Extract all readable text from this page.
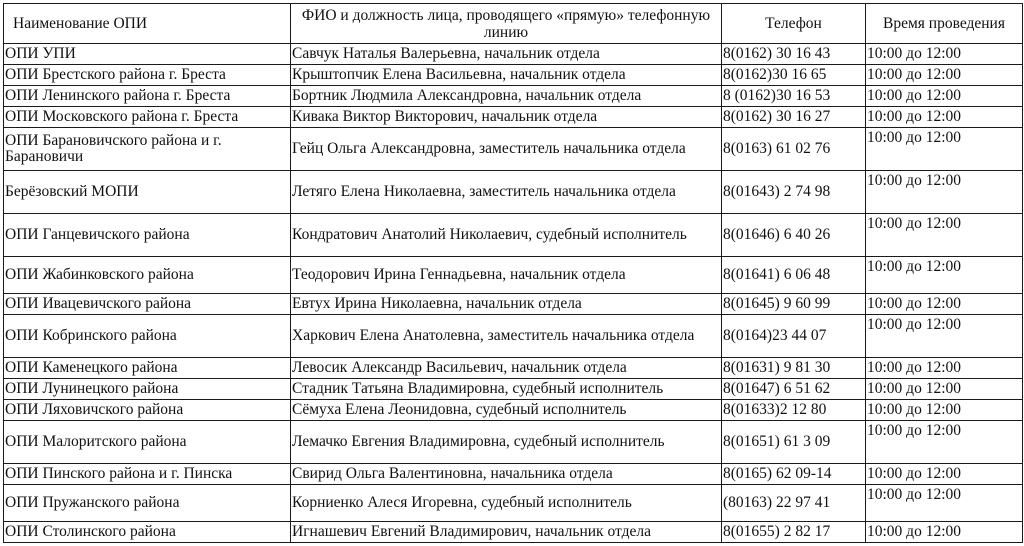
Наименование ОПИ	ФИО и должность лица, проводящего «прямую» телефонную линию	Телефон	Время проведения
ОПИ УПИ	Савчук Наталья Валерьевна, начальник отдела	8(0162) 30 16 43	10:00 до 12:00
ОПИ Брестского района г. Бреста	Крыштопчик Елена Васильевна, начальник отдела	8(0162)30 16 65	10:00 до 12:00
ОПИ Ленинского района г. Бреста	Бортник Людмила Александровна, начальник отдела	8 (0162)30 16 53	10:00 до 12:00
ОПИ Московского района г. Бреста	Кивака Виктор Викторович, начальник отдела	8(0162) 30 16 27	10:00 до 12:00
ОПИ Барановичского района и г. Барановичи	Гейц Ольга Александровна, заместитель начальника отдела	8(0163) 61 02 76	10:00 до 12:00
Берёзовский МОПИ	Летяго Елена Николаевна, заместитель начальника отдела	8(01643) 2 74 98	10:00 до 12:00
ОПИ Ганцевичского района	Кондратович Анатолий Николаевич, судебный исполнитель	8(01646) 6 40 26	10:00 до 12:00
ОПИ Жабинковского района	Теодорович Ирина Геннадьевна, начальник отдела	8(01641) 6 06 48	10:00 до 12:00
ОПИ Ивацевичского района	Евтух Ирина Николаевна, начальник отдела	8(01645) 9 60 99	10:00 до 12:00
ОПИ Кобринского района	Харкович Елена Анатолевна, заместитель начальника отдела	8(0164)23 44 07	10:00 до 12:00
ОПИ Каменецкого района	Левосик Александр Васильевич, начальник отдела	8(01631) 9 81 30	10:00 до 12:00
ОПИ Лунинецкого района	Стадник Татьяна Владимировна, судебный исполнитель	8(01647) 6 51 62	10:00 до 12:00
ОПИ Ляховичского района	Сёмуха Елена Леонидовна, судебный исполнитель	8(01633)2 12 80	10:00 до 12:00
ОПИ Малоритского района	Лемачко Евгения Владимировна, судебный исполнитель	8(01651) 61 3 09	10:00 до 12:00
ОПИ Пинского района и г. Пинска	Свирид Ольга Валентиновна, начальника отдела	8(0165) 62 09-14	10:00 до 12:00
ОПИ Пружанского района	Корниенко Алеся Игоревна, судебный исполнитель	(80163) 22 97 41	10:00 до 12:00
ОПИ Столинского района	Игнашевич Евгений Владимирович, начальник отдела	8(01655) 2 82 17	10:00 до 12:00
